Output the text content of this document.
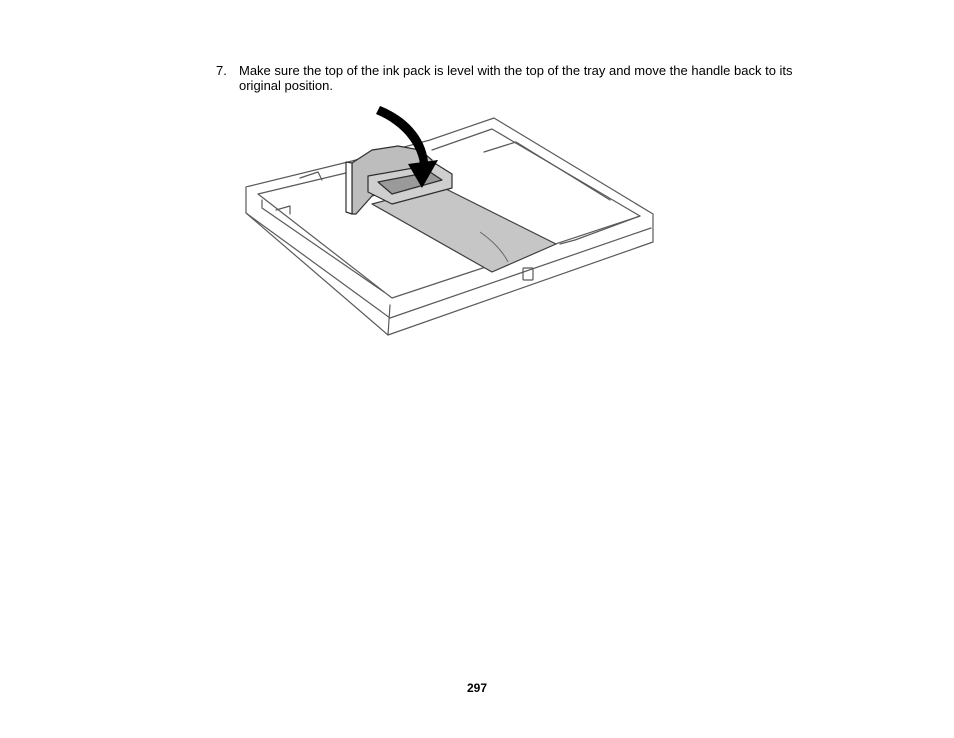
7. Make sure the top of the ink pack is level with the top of the tray and move the handle back to its original position.
297
